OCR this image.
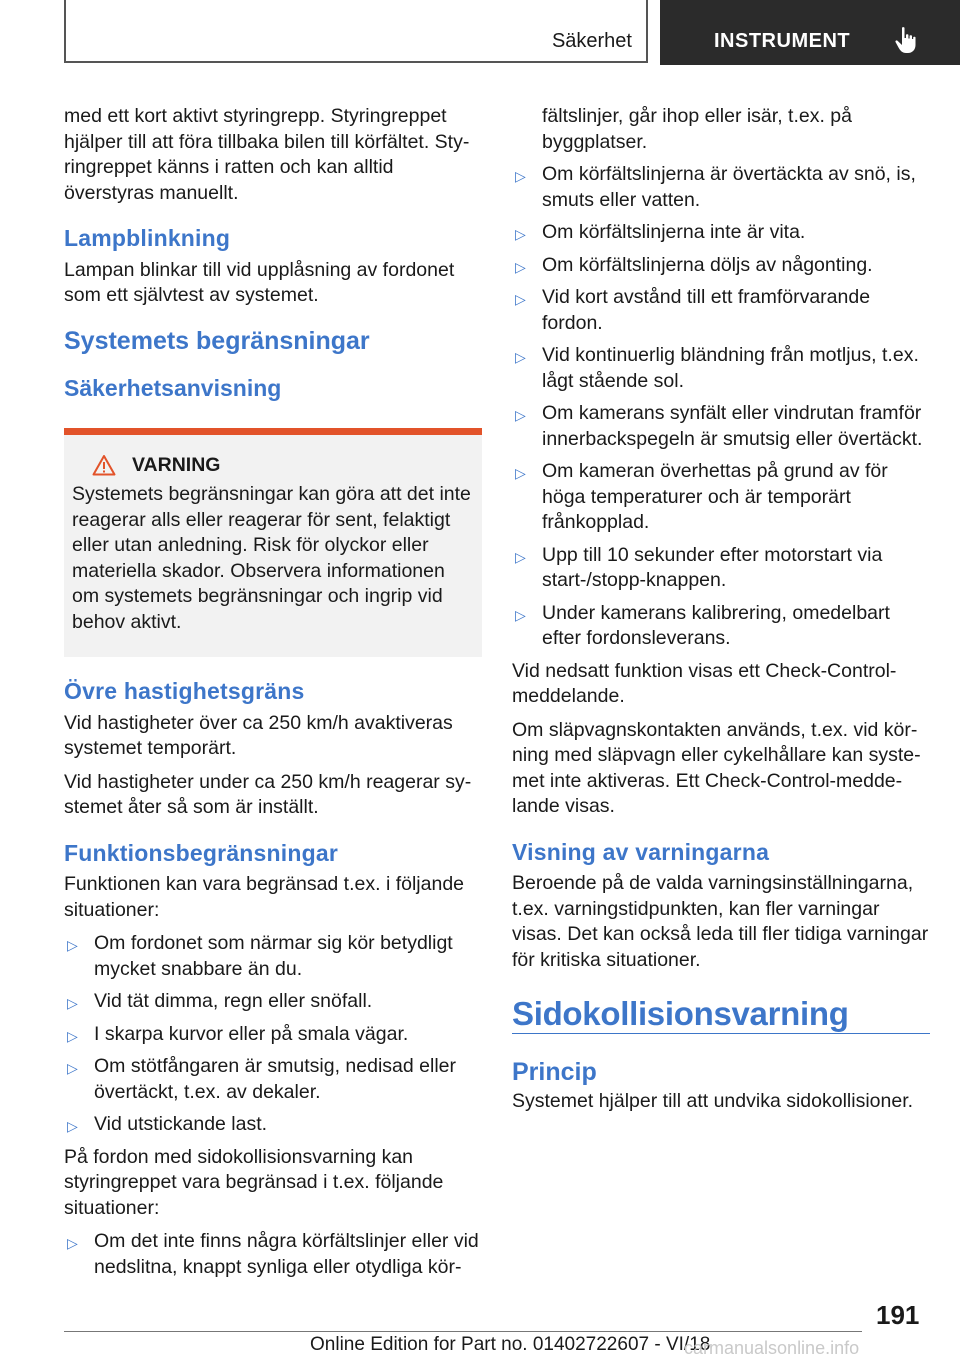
Säkerhet	INSTRUMENT

med ett kort aktivt styringrepp. Styringreppet hjälper till att föra tillbaka bilen till körfältet. Styringreppet känns i ratten och kan alltid överstyras manuellt.

Lampblinkning

Lampan blinkar till vid upplåsning av fordonet som ett självtest av systemet.

Systemets begränsningar
Säkerhetsanvisning
VARNING
Systemets begränsningar kan göra att det inte reagerar alls eller reagerar för sent, felaktigt eller utan anledning. Risk för olyckor eller materiella skador. Observera informationen om systemets begränsningar och ingrip vid behov aktivt.
Övre hastighetsgräns

Vid hastigheter över ca 250 km/h avaktiveras systemet temporärt.

Vid hastigheter under ca 250 km/h reagerar systemet åter så som är inställt.

Funktionsbegränsningar

Funktionen kan vara begränsad t.ex. i följande situationer:

▷ Om fordonet som närmar sig kör betydligt mycket snabbare än du.
▷ Vid tät dimma, regn eller snöfall.
▷ I skarpa kurvor eller på smala vägar.
▷ Om stötfångaren är smutsig, nedisad eller övertäckt, t.ex. av dekaler.
▷ Vid utstickande last.

På fordon med sidokollisionsvarning kan styringreppet vara begränsad i t.ex. följande situationer:

▷ Om det inte finns några körfältslinjer eller vid nedslitna, knappt synliga eller otydliga kör-
fältslinjer, går ihop eller isär, t.ex. på byggplatser.
▷ Om körfältslinjerna är övertäckta av snö, is, smuts eller vatten.
▷ Om körfältslinjerna inte är vita.
▷ Om körfältslinjerna döljs av någonting.
▷ Vid kort avstånd till ett framförvarande fordon.
▷ Vid kontinuerlig bländning från motljus, t.ex. lågt stående sol.
▷ Om kamerans synfält eller vindrutan framför innerbackspegeln är smutsig eller övertäckt.
▷ Om kameran överhettas på grund av för höga temperaturer och är temporärt frånkopplad.
▷ Upp till 10 sekunder efter motorstart via start-/stopp-knappen.
▷ Under kamerans kalibrering, omedelbart efter fordonsleverans.

Vid nedsatt funktion visas ett Check-Control-meddelande.

Om släpvagnskontakten används, t.ex. vid körning med släpvagn eller cykelhållare kan systemet inte aktiveras. Ett Check-Control-meddelande visas.

Visning av varningarna

Beroende på de valda varningsinställningarna, t.ex. varningstidpunkten, kan fler varningar visas. Det kan också leda till fler tidiga varningar för kritiska situationer.

Sidokollisionsvarning
Princip

Systemet hjälper till att undvika sidokollisioner.

191
Online Edition for Part no. 01402722607 - VI/18
carmanualsonline.info
